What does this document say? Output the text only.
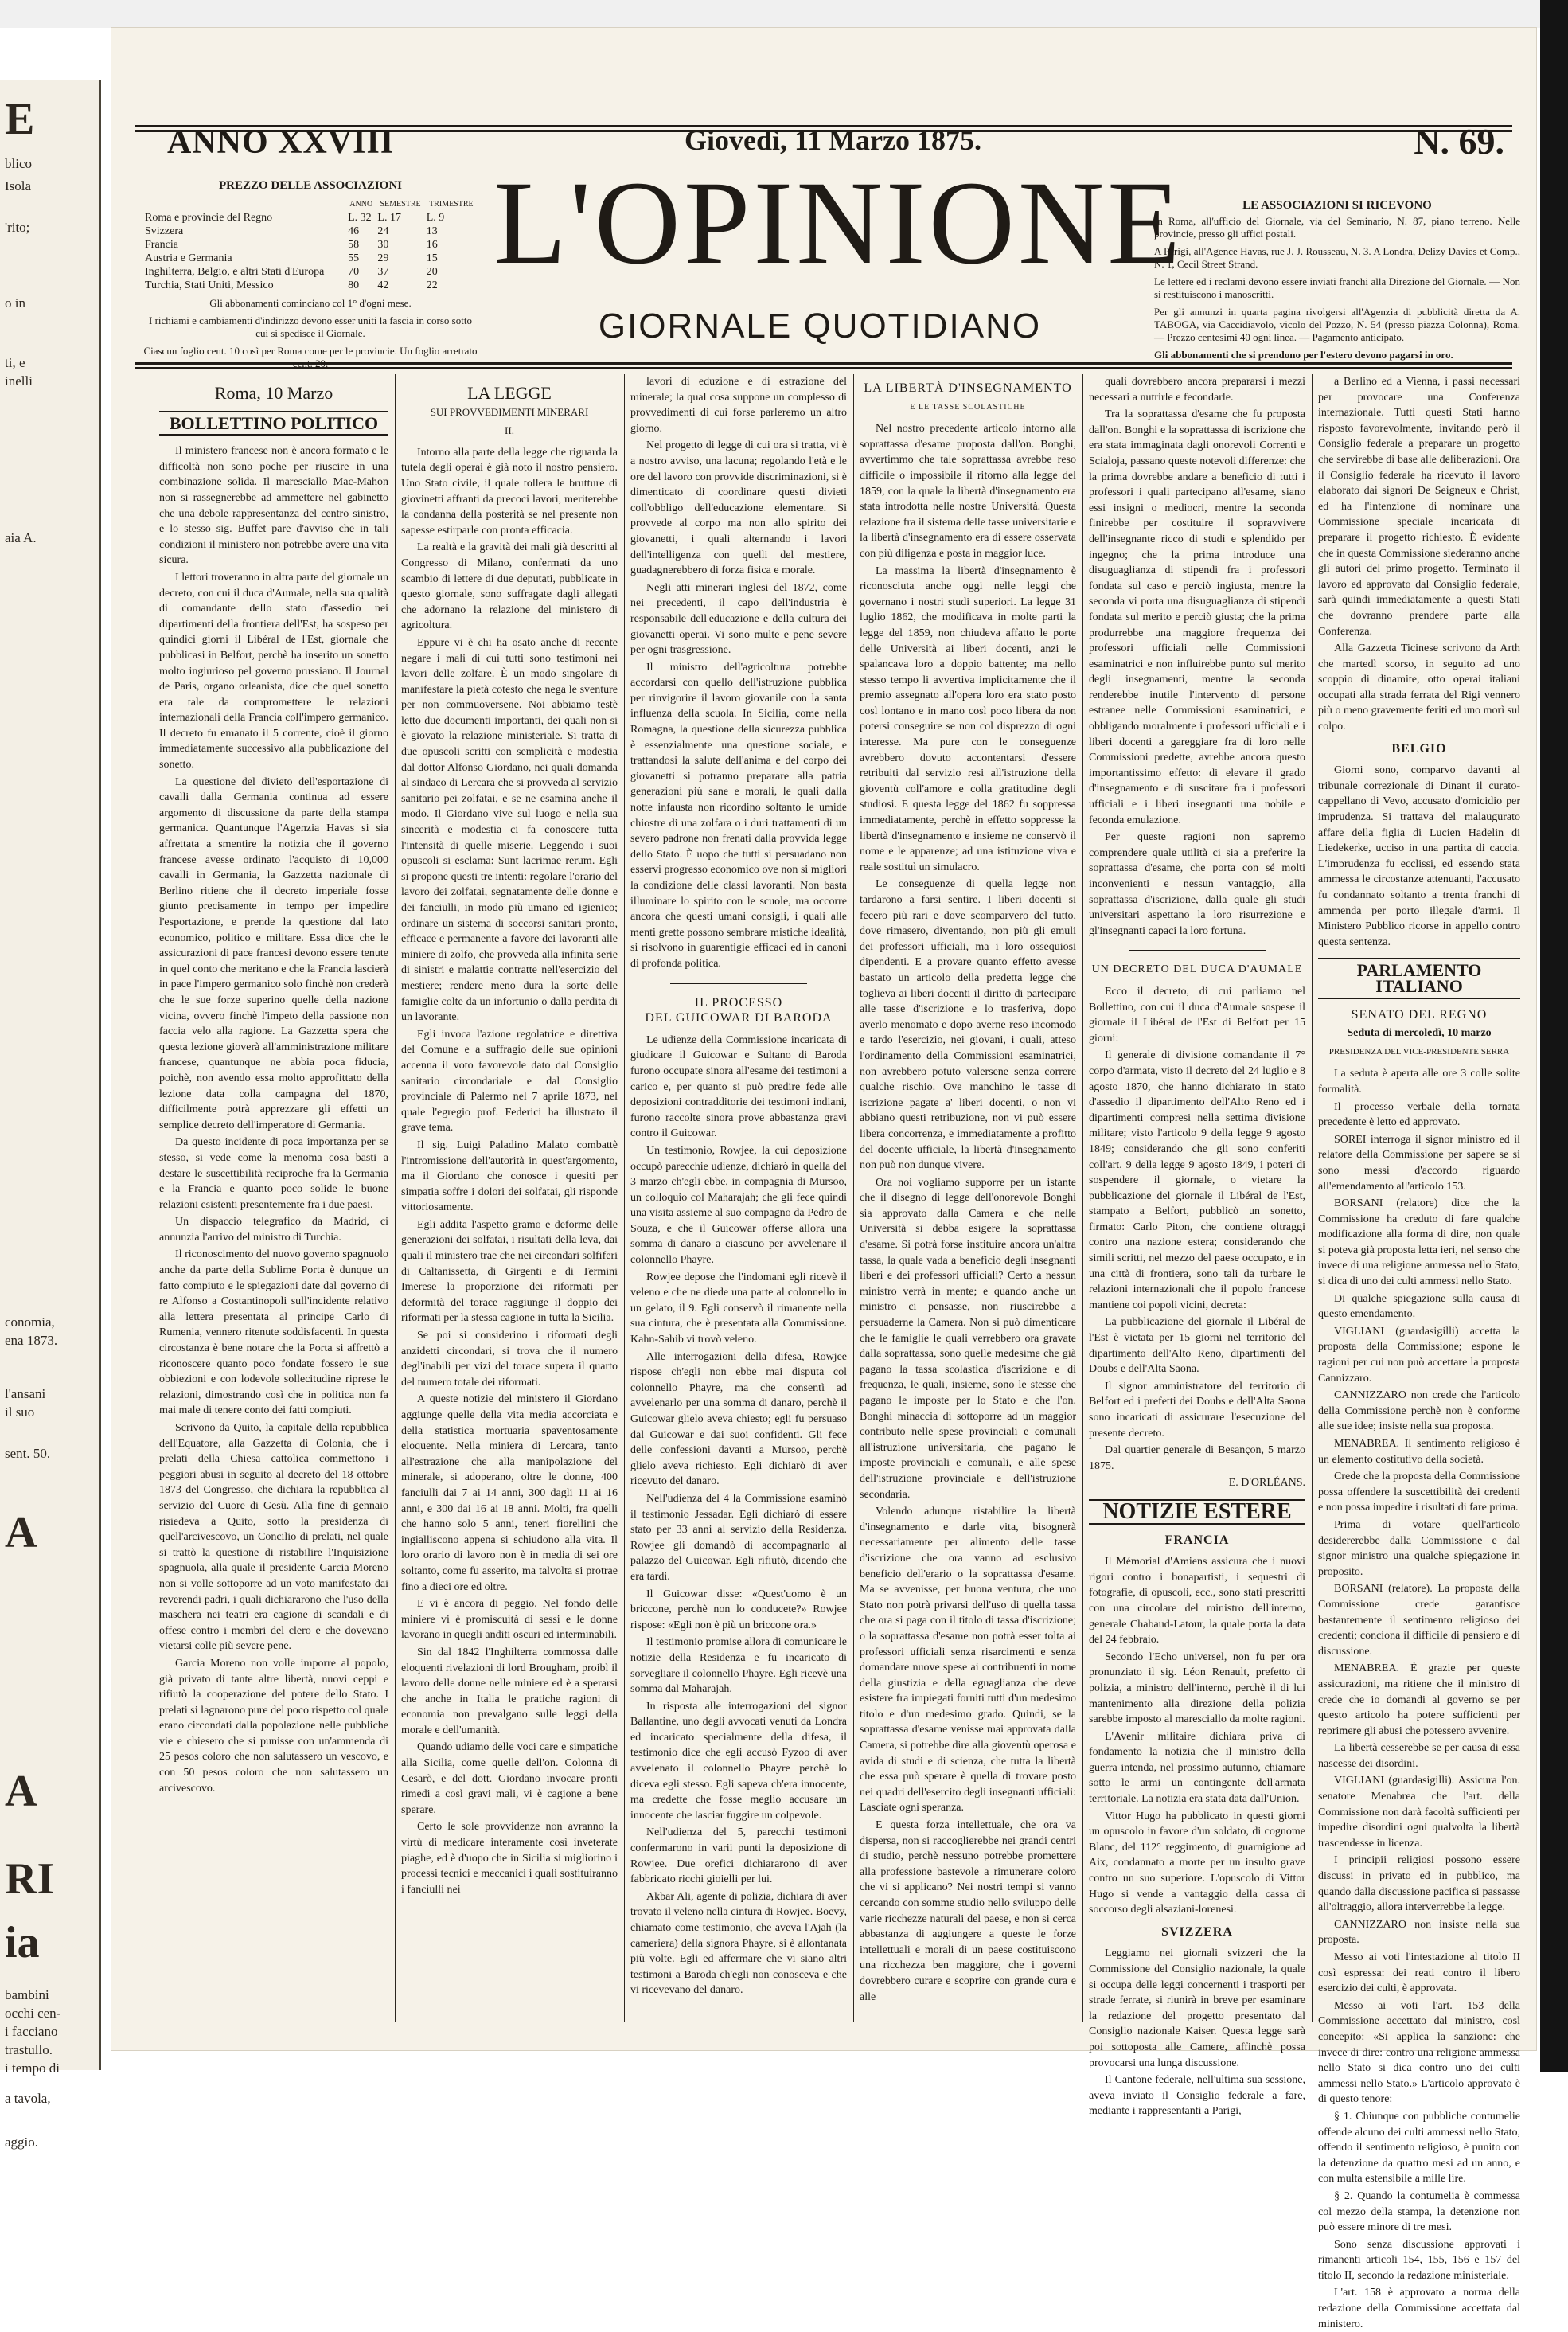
E
blico
Isola
'rito;
o in
ti, e
inelli
aia A.
conomia,
ena 1873.
l'ansani
il suo
sent. 50.
A
A
RI
ia
bambini
occhi cen-
i facciano
trastullo.
i tempo di
a tavola,
aggio.
ANNO XXVIII	Giovedì, 11 Marzo 1875.	N. 69.
PREZZO DELLE ASSOCIAZIONI
	ANNO	SEMESTRE	TRIMESTRE
Roma e provincie del Regno	L. 32	L. 17	L. 9
Svizzera	46	24	13
Francia	58	30	16
Austria e Germania	55	29	15
Inghilterra, Belgio, e altri Stati d'Europa	70	37	20
Turchia, Stati Uniti, Messico	80	42	22

Gli abbonamenti cominciano col 1° d'ogni mese.

I richiami e cambiamenti d'indirizzo devono esser uniti la fascia in corso sotto cui si spedisce il Giornale.

Ciascun foglio cent. 10 così per Roma come per le provincie. Un foglio arretrato cent. 20.

L'OPINIONE
GIORNALE QUOTIDIANO
LE ASSOCIAZIONI SI RICEVONO

In Roma, all'ufficio del Giornale, via del Seminario, N. 87, piano terreno. Nelle provincie, presso gli uffici postali.

A Parigi, all'Agence Havas, rue J. J. Rousseau, N. 3. A Londra, Delizy Davies et Comp., N. 1, Cecil Street Strand.

Le lettere ed i reclami devono essere inviati franchi alla Direzione del Giornale. — Non si restituiscono i manoscritti.

Per gli annunzi in quarta pagina rivolgersi all'Agenzia di pubblicità diretta da A. TABOGA, via Caccidiavolo, vicolo del Pozzo, N. 54 (presso piazza Colonna), Roma. — Prezzo centesimi 40 ogni linea. — Pagamento anticipato.

Gli abbonamenti che si prendono per l'estero devono pagarsi in oro.

Roma, 10 Marzo
BOLLETTINO POLITICO

Il ministero francese non è ancora formato e le difficoltà non sono poche per riuscire in una combinazione solida. Il maresciallo Mac-Mahon non si rassegnerebbe ad ammettere nel gabinetto che una debole rappresentanza del centro sinistro, e lo stesso sig. Buffet pare d'avviso che in tali condizioni il ministero non potrebbe avere una vita sicura.

I lettori troveranno in altra parte del giornale un decreto, con cui il duca d'Aumale, nella sua qualità di comandante dello stato d'assedio nei dipartimenti della frontiera dell'Est, ha sospeso per quindici giorni il Libéral de l'Est, giornale che pubblicasi in Belfort, perchè ha inserito un sonetto molto ingiurioso pel governo prussiano. Il Journal de Paris, organo orleanista, dice che quel sonetto era tale da compromettere le relazioni internazionali della Francia coll'impero germanico. Il decreto fu emanato il 5 corrente, cioè il giorno immediatamente successivo alla pubblicazione del sonetto.

La questione del divieto dell'esportazione di cavalli dalla Germania continua ad essere argomento di discussione da parte della stampa germanica. Quantunque l'Agenzia Havas si sia affrettata a smentire la notizia che il governo francese avesse ordinato l'acquisto di 10,000 cavalli in Germania, la Gazzetta nazionale di Berlino ritiene che il decreto imperiale fosse giunto precisamente in tempo per impedire l'esportazione, e prende la questione dal lato economico, politico e militare. Essa dice che le assicurazioni di pace francesi devono essere tenute in quel conto che meritano e che la Francia lascierà in pace l'impero germanico solo finchè non crederà che le sue forze superino quelle della nazione vicina, ovvero finchè l'impeto della passione non faccia velo alla ragione. La Gazzetta spera che questa lezione gioverà all'amministrazione militare francese, quantunque ne abbia poca fiducia, poichè, non avendo essa molto approfittato della lezione data colla campagna del 1870, difficilmente potrà apprezzare gli effetti un semplice decreto dell'imperatore di Germania.

Da questo incidente di poca importanza per se stesso, si vede come la menoma cosa basti a destare le suscettibilità reciproche fra la Germania e la Francia e quanto poco solide le buone relazioni esistenti presentemente fra i due paesi.

Un dispaccio telegrafico da Madrid, ci annunzia l'arrivo del ministro di Turchia.

Il riconoscimento del nuovo governo spagnuolo anche da parte della Sublime Porta è dunque un fatto compiuto e le spiegazioni date dal governo di re Alfonso a Costantinopoli sull'incidente relativo alla lettera presentata al principe Carlo di Rumenia, vennero ritenute soddisfacenti. In questa circostanza è bene notare che la Porta si affrettò a riconoscere quanto poco fondate fossero le sue obbiezioni e con lodevole sollecitudine riprese le relazioni, dimostrando così che in politica non fa mai male di tenere conto dei fatti compiuti.

Scrivono da Quito, la capitale della repubblica dell'Equatore, alla Gazzetta di Colonia, che i prelati della Chiesa cattolica commettono i peggiori abusi in seguito al decreto del 18 ottobre 1873 del Congresso, che dichiara la repubblica al servizio del Cuore di Gesù. Alla fine di gennaio risiedeva a Quito, sotto la presidenza di quell'arcivescovo, un Concilio di prelati, nel quale si trattò la questione di ristabilire l'Inquisizione spagnuola, alla quale il presidente Garcia Moreno non si volle sottoporre ad un voto manifestato dai reverendi padri, i quali dichiararono che l'uso della maschera nei teatri era cagione di scandali e di offese contro i membri del clero e che dovevano vietarsi colle più severe pene.

Garcia Moreno non volle imporre al popolo, già privato di tante altre libertà, nuovi ceppi e rifiutò la cooperazione del potere dello Stato. I prelati si lagnarono pure del poco rispetto col quale erano circondati dalla popolazione nelle pubbliche vie e chiesero che si punisse con un'ammenda di 25 pesos coloro che non salutassero un vescovo, e con 50 pesos coloro che non salutassero un arcivescovo.

LA LEGGE
SUI PROVVEDIMENTI MINERARI
II.

Intorno alla parte della legge che riguarda la tutela degli operai è già noto il nostro pensiero. Uno Stato civile, il quale tollera le brutture di giovinetti affranti da precoci lavori, meriterebbe la condanna della posterità se nel presente non sapesse estirparle con pronta efficacia.

La realtà e la gravità dei mali già descritti al Congresso di Milano, confermati da uno scambio di lettere di due deputati, pubblicate in questo giornale, sono suffragate dagli allegati che adornano la relazione del ministero di agricoltura.

Eppure vi è chi ha osato anche di recente negare i mali di cui tutti sono testimoni nei lavori delle zolfare. È un modo singolare di manifestare la pietà cotesto che nega le sventure per non commuoversene. Noi abbiamo testè letto due documenti importanti, dei quali non si è giovato la relazione ministeriale. Si tratta di due opuscoli scritti con semplicità e modestia dal dottor Alfonso Giordano, nei quali domanda al sindaco di Lercara che si provveda al servizio sanitario pei zolfatai, e se ne esamina anche il modo. Il Giordano vive sul luogo e nella sua sincerità e modestia ci fa conoscere tutta l'intensità di quelle miserie. Leggendo i suoi opuscoli si esclama: Sunt lacrimae rerum. Egli si propone questi tre intenti: regolare l'orario del lavoro dei zolfatai, segnatamente delle donne e dei fanciulli, in modo più umano ed igienico; ordinare un sistema di soccorsi sanitari pronto, efficace e permanente a favore dei lavoranti alle miniere di zolfo, che provveda alla infinita serie di sinistri e malattie contratte nell'esercizio del mestiere; rendere meno dura la sorte delle famiglie colte da un infortunio o dalla perdita di un lavorante.

Egli invoca l'azione regolatrice e direttiva del Comune e a suffragio delle sue opinioni accenna il voto favorevole dato dal Consiglio sanitario circondariale e dal Consiglio provinciale di Palermo nel 7 aprile 1873, nel quale l'egregio prof. Federici ha illustrato il grave tema.

Il sig. Luigi Paladino Malato combattè l'intromissione dell'autorità in quest'argomento, ma il Giordano che conosce i quesiti per simpatia soffre i dolori dei solfatai, gli risponde vittoriosamente.

Egli addita l'aspetto gramo e deforme delle generazioni dei solfatai, i risultati della leva, dai quali il ministero trae che nei circondari solfiferi di Caltanissetta, di Girgenti e di Termini Imerese la proporzione dei riformati per deformità del torace raggiunge il doppio dei riformati per la stessa cagione in tutta la Sicilia.

Se poi si considerino i riformati degli anzidetti circondari, si trova che il numero degl'inabili per vizi del torace supera il quarto del numero totale dei riformati.

A queste notizie del ministero il Giordano aggiunge quelle della vita media accorciata e della statistica mortuaria spaventosamente eloquente. Nella miniera di Lercara, tanto all'estrazione che alla manipolazione del minerale, si adoperano, oltre le donne, 400 fanciulli dai 7 ai 14 anni, 300 dagli 11 ai 16 anni, e 300 dai 16 ai 18 anni. Molti, fra quelli che hanno solo 5 anni, teneri fiorellini che ingialliscono appena si schiudono alla vita. Il loro orario di lavoro non è in media di sei ore soltanto, come fu asserito, ma talvolta si protrae fino a dieci ore ed oltre.

E vi è ancora di peggio. Nel fondo delle miniere vi è promiscuità di sessi e le donne lavorano in quegli anditi oscuri ed interminabili.

Sin dal 1842 l'Inghilterra commossa dalle eloquenti rivelazioni di lord Brougham, proibì il lavoro delle donne nelle miniere ed è a sperarsi che anche in Italia le pratiche ragioni di economia non prevalgano sulle leggi della morale e dell'umanità.

Quando udiamo delle voci care e simpatiche alla Sicilia, come quelle dell'on. Colonna di Cesarò, e del dott. Giordano invocare pronti rimedi a così gravi mali, vi è cagione a bene sperare.

Certo le sole provvidenze non avranno la virtù di medicare interamente così inveterate piaghe, ed è d'uopo che in Sicilia si migliorino i processi tecnici e meccanici i quali sostituiranno i fanciulli nei

lavori di eduzione e di estrazione del minerale; la qual cosa suppone un complesso di provvedimenti di cui forse parleremo un altro giorno.

Nel progetto di legge di cui ora si tratta, vi è a nostro avviso, una lacuna; regolando l'età e le ore del lavoro con provvide discriminazioni, si è dimenticato di coordinare questi divieti coll'obbligo dell'educazione elementare. Si provvede al corpo ma non allo spirito dei giovanetti, i quali alternando i lavori dell'intelligenza con quelli del mestiere, guadagnerebbero di forza fisica e morale.

Negli atti minerari inglesi del 1872, come nei precedenti, il capo dell'industria è responsabile dell'educazione e della cultura dei giovanetti operai. Vi sono multe e pene severe per ogni trasgressione.

Il ministro dell'agricoltura potrebbe accordarsi con quello dell'istruzione pubblica per rinvigorire il lavoro giovanile con la santa influenza della scuola. In Sicilia, come nella Romagna, la questione della sicurezza pubblica è essenzialmente una questione sociale, e trattandosi la salute dell'anima e del corpo dei giovanetti si potranno preparare alla patria generazioni più sane e morali, le quali dalla notte infausta non ricordino soltanto le umide chiostre di una zolfara o i duri trattamenti di un severo padrone non frenati dalla provvida legge dello Stato. È uopo che tutti si persuadano non esservi progresso economico ove non si migliori la condizione delle classi lavoranti. Non basta illuminare lo spirito con le scuole, ma occorre ancora che questi umani consigli, i quali alle menti grette possono sembrare mistiche idealità, si risolvono in guarentigie efficaci ed in canoni di profonda politica.

IL PROCESSO
DEL GUICOWAR DI BARODA

Le udienze della Commissione incaricata di giudicare il Guicowar e Sultano di Baroda furono occupate sinora all'esame dei testimoni a carico e, per quanto si può predire fede alle deposizioni contradditorie dei testimoni indiani, furono raccolte sinora prove abbastanza gravi contro il Guicowar.

Un testimonio, Rowjee, la cui deposizione occupò parecchie udienze, dichiarò in quella del 3 marzo ch'egli ebbe, in compagnia di Mursoo, un colloquio col Maharajah; che gli fece quindi una visita assieme al suo compagno da Pedro de Souza, e che il Guicowar offerse allora una somma di danaro a ciascuno per avvelenare il colonnello Phayre.

Rowjee depose che l'indomani egli ricevè il veleno e che ne diede una parte al colonnello in un gelato, il 9. Egli conservò il rimanente nella sua cintura, che è presentata alla Commissione. Kahn-Sahib vi trovò veleno.

Alle interrogazioni della difesa, Rowjee rispose ch'egli non ebbe mai disputa col colonnello Phayre, ma che consentì ad avvelenarlo per una somma di danaro, perchè il Guicowar glielo aveva chiesto; egli fu persuaso dal Guicowar e dai suoi confidenti. Gli fece delle confessioni davanti a Mursoo, perchè glielo aveva richiesto. Egli dichiarò di aver ricevuto del danaro.

Nell'udienza del 4 la Commissione esaminò il testimonio Jessadar. Egli dichiarò di essere stato per 33 anni al servizio della Residenza. Rowjee gli domandò di accompagnarlo al palazzo del Guicowar. Egli rifiutò, dicendo che era tardi.

Il Guicowar disse: «Quest'uomo è un briccone, perchè non lo conducete?» Rowjee rispose: «Egli non è più un briccone ora.»

Il testimonio promise allora di comunicare le notizie della Residenza e fu incaricato di sorvegliare il colonnello Phayre. Egli ricevè una somma dal Maharajah.

In risposta alle interrogazioni del signor Ballantine, uno degli avvocati venuti da Londra ed incaricato specialmente della difesa, il testimonio dice che egli accusò Fyzoo di aver avvelenato il colonnello Phayre perchè lo diceva egli stesso. Egli sapeva ch'era innocente, ma credette che fosse meglio accusare un innocente che lasciar fuggire un colpevole.

Nell'udienza del 5, parecchi testimoni confermarono in varii punti la deposizione di Rowjee. Due orefici dichiararono di aver fabbricato ricchi gioielli per lui.

Akbar Ali, agente di polizia, dichiara di aver trovato il veleno nella cintura di Rowjee. Boevy, chiamato come testimonio, che aveva l'Ajah (la cameriera) della signora Phayre, si è allontanata più volte. Egli ed affermare che vi siano altri testimoni a Baroda ch'egli non conosceva e che vi ricevevano del danaro.

LA LIBERTÀ D'INSEGNAMENTO
E LE TASSE SCOLASTICHE

Nel nostro precedente articolo intorno alla soprattassa d'esame proposta dall'on. Bonghi, avvertimmo che tale soprattassa avrebbe reso difficile o impossibile il ritorno alla legge del 1859, con la quale la libertà d'insegnamento era stata introdotta nelle nostre Università. Questa relazione fra il sistema delle tasse universitarie e la libertà d'insegnamento era di essere osservata con più diligenza e posta in maggior luce.

La massima la libertà d'insegnamento è riconosciuta anche oggi nelle leggi che governano i nostri studi superiori. La legge 31 luglio 1862, che modificava in molte parti la legge del 1859, non chiudeva affatto le porte delle Università ai liberi docenti, anzi le spalancava loro a doppio battente; ma nello stesso tempo li avvertiva implicitamente che il premio assegnato all'opera loro era stato posto così lontano e in mano così poco libera da non potersi conseguire se non col disprezzo di ogni interesse. Ma pure con le conseguenze avrebbero dovuto accontentarsi d'essere retribuiti dal servizio resi all'istruzione della gioventù coll'amore e colla gratitudine degli studiosi. E questa legge del 1862 fu soppressa immediatamente, perchè in effetto soppresse la libertà d'insegnamento e insieme ne conservò il nome e le apparenze; ad una istituzione viva e reale sostituì un simulacro.

Le conseguenze di quella legge non tardarono a farsi sentire. I liberi docenti si fecero più rari e dove scomparvero del tutto, dove rimasero, diventando, non più gli emuli dei professori ufficiali, ma i loro ossequiosi dipendenti. E a provare quanto effetto avesse bastato un articolo della predetta legge che toglieva ai liberi docenti il diritto di partecipare alle tasse d'iscrizione e lo trasferiva, dopo averlo menomato e dopo averne reso incomodo e tardo l'esercizio, nei giovani, i quali, atteso l'ordinamento della Commissioni esaminatrici, non avrebbero potuto valersene senza correre qualche rischio. Ove manchino le tasse di iscrizione pagate a' liberi docenti, o non vi abbiano questi retribuzione, non vi può essere libera concorrenza, e immediatamente a profitto del docente ufficiale, la libertà d'insegnamento non può non dunque vivere.

Ora noi vogliamo supporre per un istante che il disegno di legge dell'onorevole Bonghi sia approvato dalla Camera e che nelle Università si debba esigere la soprattassa d'esame. Si potrà forse instituire ancora un'altra tassa, la quale vada a beneficio degli insegnanti liberi e dei professori ufficiali? Certo a nessun ministro verrà in mente; e quando anche un ministro ci pensasse, non riuscirebbe a persuaderne la Camera. Non si può dimenticare che le famiglie le quali verrebbero ora gravate dalla soprattassa, sono quelle medesime che già pagano la tassa scolastica d'iscrizione e di frequenza, le quali, insieme, sono le stesse che pagano le imposte per lo Stato e che l'on. Bonghi minaccia di sottoporre ad un maggior contributo nelle spese provinciali e comunali all'istruzione universitaria, che pagano le imposte provinciali e comunali, e alle spese dell'istruzione provinciale e dell'istruzione secondaria.

Volendo adunque ristabilire la libertà d'insegnamento e darle vita, bisognerà necessariamente per alimento delle tasse d'iscrizione che ora vanno ad esclusivo beneficio dell'erario o la soprattassa d'esame. Ma se avvenisse, per buona ventura, che uno Stato non potrà privarsi dell'uso di quella tassa che ora si paga con il titolo di tassa d'iscrizione; o la soprattassa d'esame non potrà esser tolta ai professori ufficiali senza risarcimenti e senza domandare nuove spese ai contribuenti in nome della giustizia e della eguaglianza che deve esistere fra impiegati forniti tutti d'un medesimo titolo e d'un medesimo grado. Quindi, se la soprattassa d'esame venisse mai approvata dalla Camera, si potrebbe dire alla gioventù operosa e avida di studi e di scienza, che tutta la libertà che essa può sperare è quella di trovare posto nei quadri dell'esercito degli insegnanti ufficiali: Lasciate ogni speranza.

E questa forza intellettuale, che ora va dispersa, non si raccoglierebbe nei grandi centri di studio, perchè nessuno potrebbe promettere alla professione bastevole a rimunerare coloro che vi si applicano? Nei nostri tempi si vanno cercando con somme studio nello sviluppo delle varie ricchezze naturali del paese, e non si cerca abbastanza di aggiungere a queste le forze intellettuali e morali di un paese costituiscono una ricchezza ben maggiore, che i governi dovrebbero curare e scoprire con grande cura e alle

quali dovrebbero ancora prepararsi i mezzi necessari a nutrirle e fecondarle.

Tra la soprattassa d'esame che fu proposta dall'on. Bonghi e la soprattassa di iscrizione che era stata immaginata dagli onorevoli Correnti e Scialoja, passano queste notevoli differenze: che la prima dovrebbe andare a beneficio di tutti i professori i quali partecipano all'esame, siano essi insigni o mediocri, mentre la seconda finirebbe per costituire il sopravvivere dell'insegnante ricco di studi e splendido per ingegno; che la prima introduce una disuguaglianza di stipendi fra i professori fondata sul caso e perciò ingiusta, mentre la seconda vi porta una disuguaglianza di stipendi fondata sul merito e perciò giusta; che la prima produrrebbe una maggiore frequenza dei professori ufficiali nelle Commissioni esaminatrici e non influirebbe punto sul merito degli insegnamenti, mentre la seconda renderebbe inutile l'intervento di persone estranee nelle Commissioni esaminatrici, e obbligando moralmente i professori ufficiali e i liberi docenti a gareggiare fra di loro nelle Commissioni predette, avrebbe ancora questo importantissimo effetto: di elevare il grado d'insegnamento e di suscitare fra i professori ufficiali e i liberi insegnanti una nobile e feconda emulazione.

Per queste ragioni non sapremo comprendere quale utilità ci sia a preferire la soprattassa d'esame, che porta con sé molti inconvenienti e nessun vantaggio, alla soprattassa d'iscrizione, dalla quale gli studi universitari aspettano la loro risurrezione e gl'insegnanti capaci la loro fortuna.

UN DECRETO DEL DUCA D'AUMALE

Ecco il decreto, di cui parliamo nel Bollettino, con cui il duca d'Aumale sospese il giornale il Libéral de l'Est di Belfort per 15 giorni:

Il generale di divisione comandante il 7° corpo d'armata, visto il decreto del 24 luglio e 8 agosto 1870, che hanno dichiarato in stato d'assedio il dipartimento dell'Alto Reno ed i dipartimenti compresi nella settima divisione militare; visto l'articolo 9 della legge 9 agosto 1849; considerando che gli sono conferiti coll'art. 9 della legge 9 agosto 1849, i poteri di sospendere il giornale, o vietare la pubblicazione del giornale il Libéral de l'Est, stampato a Belfort, pubblicò un sonetto, firmato: Carlo Piton, che contiene oltraggi contro una nazione estera; considerando che simili scritti, nel mezzo del paese occupato, e in una città di frontiera, sono tali da turbare le relazioni internazionali che il popolo francese mantiene coi popoli vicini, decreta:

La pubblicazione del giornale il Libéral de l'Est è vietata per 15 giorni nel territorio del dipartimento dell'Alto Reno, dipartimenti del Doubs e dell'Alta Saona.

Il signor amministratore del territorio di Belfort ed i prefetti dei Doubs e dell'Alta Saona sono incaricati di assicurare l'esecuzione del presente decreto.

Dal quartier generale di Besançon, 5 marzo 1875.

E. D'ORLÉANS.

NOTIZIE ESTERE
FRANCIA

Il Mémorial d'Amiens assicura che i nuovi rigori contro i bonapartisti, i sequestri di fotografie, di opuscoli, ecc., sono stati prescritti con una circolare del ministro dell'interno, generale Chabaud-Latour, la quale porta la data del 24 febbraio.

Secondo l'Echo universel, non fu per ora pronunziato il sig. Léon Renault, prefetto di polizia, a ministro dell'interno, perchè il di lui mantenimento alla direzione della polizia sarebbe imposto al maresciallo da molte ragioni.

L'Avenir militaire dichiara priva di fondamento la notizia che il ministro della guerra intenda, nel prossimo autunno, chiamare sotto le armi un contingente dell'armata territoriale. La notizia era stata data dall'Union.

Vittor Hugo ha pubblicato in questi giorni un opuscolo in favore d'un soldato, di cognome Blanc, del 112° reggimento, di guarnigione ad Aix, condannato a morte per un insulto grave contro un suo superiore. L'opuscolo di Vittor Hugo si vende a vantaggio della cassa di soccorso degli alsaziani-lorenesi.

SVIZZERA

Leggiamo nei giornali svizzeri che la Commissione del Consiglio nazionale, la quale si occupa delle leggi concernenti i trasporti per strade ferrate, si riunirà in breve per esaminare la redazione del progetto presentato dal Consiglio nazionale Kaiser. Questa legge sarà poi sottoposta alle Camere, affinchè possa provocarsi una lunga discussione.

Il Cantone federale, nell'ultima sua sessione, aveva inviato il Consiglio federale a fare, mediante i rappresentanti a Parigi,

a Berlino ed a Vienna, i passi necessari per provocare una Conferenza internazionale. Tutti questi Stati hanno risposto favorevolmente, invitando però il Consiglio federale a preparare un progetto che servirebbe di base alle deliberazioni. Ora il Consiglio federale ha ricevuto il lavoro elaborato dai signori De Seigneux e Christ, ed ha l'intenzione di nominare una Commissione speciale incaricata di preparare il progetto richiesto. È evidente che in questa Commissione siederanno anche gli autori del primo progetto. Terminato il lavoro ed approvato dal Consiglio federale, sarà quindi immediatamente a questi Stati che dovranno prendere parte alla Conferenza.

Alla Gazzetta Ticinese scrivono da Arth che martedì scorso, in seguito ad uno scoppio di dinamite, otto operai italiani occupati alla strada ferrata del Rigi vennero più o meno gravemente feriti ed uno morì sul colpo.

BELGIO

Giorni sono, comparvo davanti al tribunale correzionale di Dinant il curato-cappellano di Vevo, accusato d'omicidio per imprudenza. Si trattava del malaugurato affare della figlia di Lucien Hadelin di Liedekerke, ucciso in una partita di caccia. L'imprudenza fu ecclissi, ed essendo stata ammessa le circostanze attenuanti, l'accusato fu condannato soltanto a trenta franchi di ammenda per porto illegale d'armi. Il Ministero Pubblico ricorse in appello contro questa sentenza.

PARLAMENTO ITALIANO
SENATO DEL REGNO
Seduta di mercoledì, 10 marzo
PRESIDENZA DEL VICE-PRESIDENTE SERRA

La seduta è aperta alle ore 3 colle solite formalità.

Il processo verbale della tornata precedente è letto ed approvato.

SOREI interroga il signor ministro ed il relatore della Commissione per sapere se si sono messi d'accordo riguardo all'emendamento all'articolo 153.

BORSANI (relatore) dice che la Commissione ha creduto di fare qualche modificazione alla forma di dire, non quale si poteva già proposta letta ieri, nel senso che invece di una religione ammessa nello Stato, si dica di uno dei culti ammessi nello Stato.

Di qualche spiegazione sulla causa di questo emendamento.

VIGLIANI (guardasigilli) accetta la proposta della Commissione; espone le ragioni per cui non può accettare la proposta Cannizzaro.

CANNIZZARO non crede che l'articolo della Commissione perchè non è conforme alle sue idee; insiste nella sua proposta.

MENABREA. Il sentimento religioso è un elemento costitutivo della società.

Crede che la proposta della Commissione possa offendere la suscettibilità dei credenti e non possa impedire i risultati di fare prima.

Prima di votare quell'articolo desidererebbe dalla Commissione e dal signor ministro una qualche spiegazione in proposito.

BORSANI (relatore). La proposta della Commissione crede garantisce bastantemente il sentimento religioso dei credenti; conciona il difficile di pensiero e di discussione.

MENABREA. È grazie per queste assicurazioni, ma ritiene che il ministro di crede che io domandi al governo se per questo articolo ha potere sufficienti per reprimere gli abusi che potessero avvenire.

La libertà cesserebbe se per causa di essa nascesse dei disordini.

VIGLIANI (guardasigilli). Assicura l'on. senatore Menabrea che l'art. della Commissione non darà facoltà sufficienti per impedire disordini ogni qualvolta la libertà trascendesse in licenza.

I principii religiosi possono essere discussi in privato ed in pubblico, ma quando dalla discussione pacifica si passasse all'oltraggio, allora interverrebbe la legge.

CANNIZZARO non insiste nella sua proposta.

Messo ai voti l'intestazione al titolo II così espressa: dei reati contro il libero esercizio dei culti, è approvata.

Messo ai voti l'art. 153 della Commissione accettato dal ministro, così concepito: «Si applica la sanzione: che invece di dire: contro una religione ammessa nello Stato si dica contro uno dei culti ammessi nello Stato.» L'articolo approvato è di questo tenore:

§ 1. Chiunque con pubbliche contumelie offende alcuno dei culti ammessi nello Stato, offendo il sentimento religioso, è punito con la detenzione da quattro mesi ad un anno, e con multa estensibile a mille lire.

§ 2. Quando la contumelia è commessa col mezzo della stampa, la detenzione non può essere minore di tre mesi.

Sono senza discussione approvati i rimanenti articoli 154, 155, 156 e 157 del titolo II, secondo la redazione ministeriale.

L'art. 158 è approvato a norma della redazione della Commissione accettata dal ministero.
